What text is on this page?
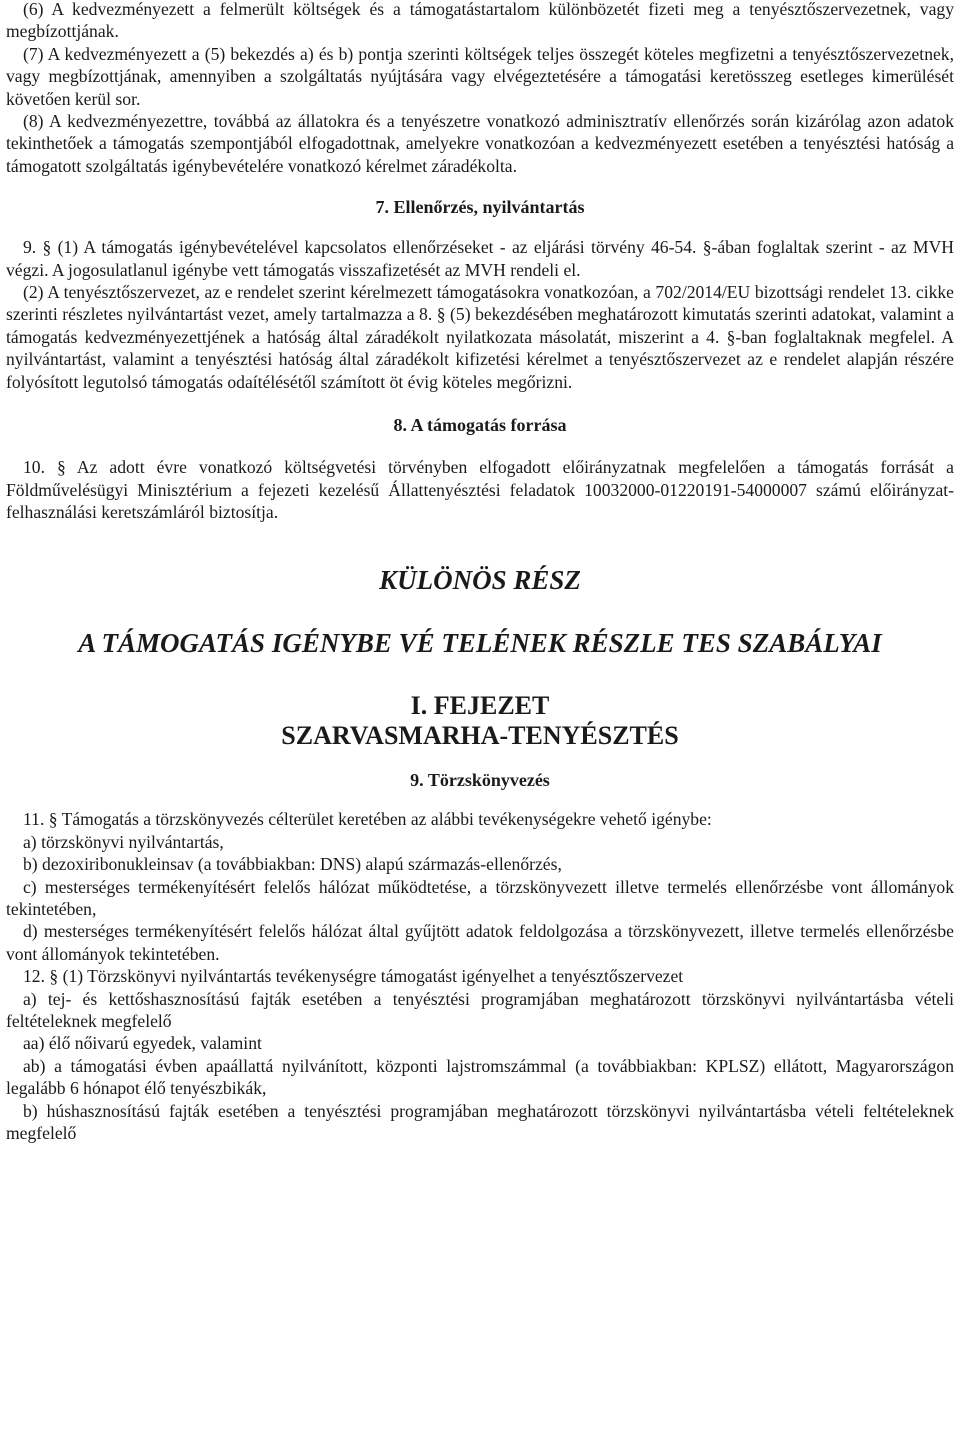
(6) A kedvezményezett a felmerült költségek és a támogatástartalom különbözetét fizeti meg a tenyésztőszervezetnek, vagy megbízottjának.

(7) A kedvezményezett a (5) bekezdés a) és b) pontja szerinti költségek teljes összegét köteles megfizetni a tenyésztőszervezetnek, vagy megbízottjának, amennyiben a szolgáltatás nyújtására vagy elvégeztetésére a támogatási keretösszeg esetleges kimerülését követően kerül sor.

(8) A kedvezményezettre, továbbá az állatokra és a tenyészetre vonatkozó adminisztratív ellenőrzés során kizárólag azon adatok tekinthetőek a támogatás szempontjából elfogadottnak, amelyekre vonatkozóan a kedvezményezett esetében a tenyésztési hatóság a támogatott szolgáltatás igénybevételére vonatkozó kérelmet záradékolta.

7. Ellenőrzés, nyilvántartás

9. § (1) A támogatás igénybevételével kapcsolatos ellenőrzéseket - az eljárási törvény 46-54. §-ában foglaltak szerint - az MVH végzi. A jogosulatlanul igénybe vett támogatás visszafizetését az MVH rendeli el.

(2) A tenyésztőszervezet, az e rendelet szerint kérelmezett támogatásokra vonatkozóan, a 702/2014/EU bizottsági rendelet 13. cikke szerinti részletes nyilvántartást vezet, amely tartalmazza a 8. § (5) bekezdésében meghatározott kimutatás szerinti adatokat, valamint a támogatás kedvezményezettjének a hatóság által záradékolt nyilatkozata másolatát, miszerint a 4. §-ban foglaltaknak megfelel. A nyilvántartást, valamint a tenyésztési hatóság által záradékolt kifizetési kérelmet a tenyésztőszervezet az e rendelet alapján részére folyósított legutolsó támogatás odaítélésétől számított öt évig köteles megőrizni.

8. A támogatás forrása

10. § Az adott évre vonatkozó költségvetési törvényben elfogadott előirányzatnak megfelelően a támogatás forrását a Földművelésügyi Minisztérium a fejezeti kezelésű Állattenyésztési feladatok 10032000-01220191-54000007 számú előirányzat-felhasználási keretszámláról biztosítja.

KÜLÖNÖS RÉSZ

A TÁMOGATÁS IGÉNYBE VÉ TELÉNEK RÉSZLE TES SZABÁLYAI

I. FEJEZET

SZARVASMARHA-TENYÉSZTÉS

9. Törzskönyvezés

11. § Támogatás a törzskönyvezés célterület keretében az alábbi tevékenységekre vehető igénybe:

a) törzskönyvi nyilvántartás,

b) dezoxiribonukleinsav (a továbbiakban: DNS) alapú származás-ellenőrzés,

c) mesterséges termékenyítésért felelős hálózat működtetése, a törzskönyvezett illetve termelés ellenőrzésbe vont állományok tekintetében,

d) mesterséges termékenyítésért felelős hálózat által gyűjtött adatok feldolgozása a törzskönyvezett, illetve termelés ellenőrzésbe vont állományok tekintetében.

12. § (1) Törzskönyvi nyilvántartás tevékenységre támogatást igényelhet a tenyésztőszervezet

a) tej- és kettőshasznosítású fajták esetében a tenyésztési programjában meghatározott törzskönyvi nyilvántartásba vételi feltételeknek megfelelő

aa) élő nőivarú egyedek, valamint

ab) a támogatási évben apaállattá nyilvánított, központi lajstromszámmal (a továbbiakban: KPLSZ) ellátott, Magyarországon legalább 6 hónapot élő tenyészbikák,

b) húshasznosítású fajták esetében a tenyésztési programjában meghatározott törzskönyvi nyilvántartásba vételi feltételeknek megfelelő
